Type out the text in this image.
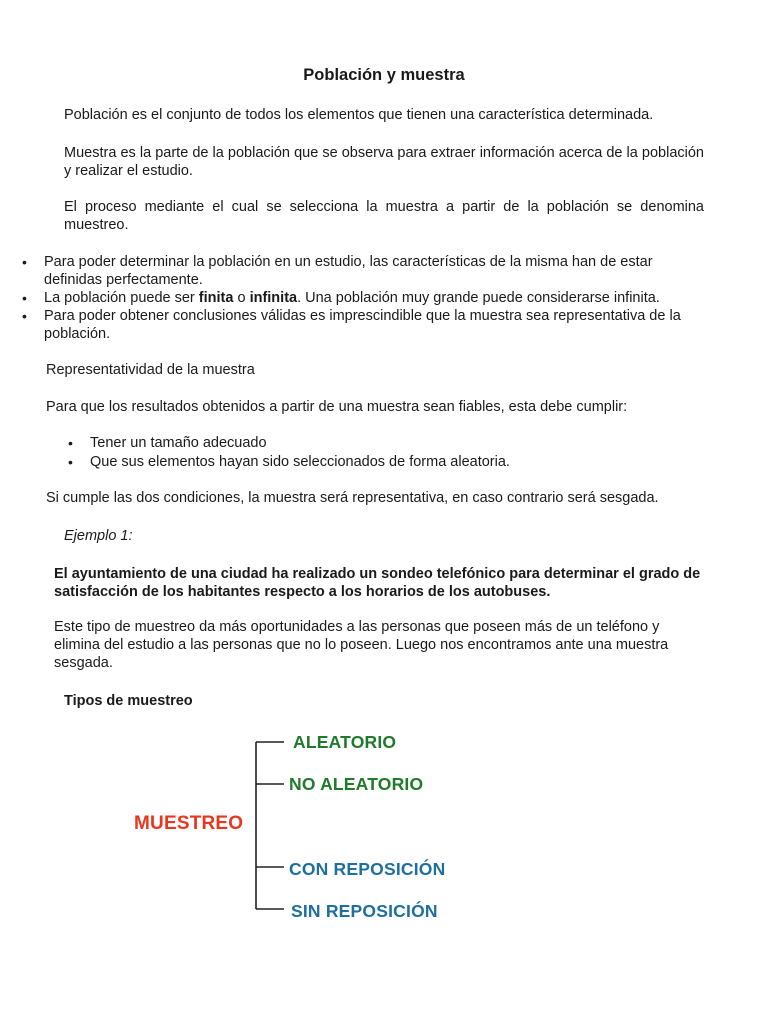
Población y muestra

Población es el conjunto de todos los elementos que tienen una característica determinada.

Muestra es la parte de la población que se observa para extraer información acerca de la población y realizar el estudio.

El proceso mediante el cual se selecciona la muestra a partir de la población se denomina muestreo.

•	Para poder determinar la población en un estudio, las características de la misma han de estar definidas perfectamente.
•	La población puede ser finita o infinita. Una población muy grande puede considerarse infinita.
•	Para poder obtener conclusiones válidas es imprescindible que la muestra sea representativa de la población.

Representatividad de la muestra

Para que los resultados obtenidos a partir de una muestra sean fiables, esta debe cumplir:

•	Tener un tamaño adecuado
•	Que sus elementos hayan sido seleccionados de forma aleatoria.

Si cumple las dos condiciones, la muestra será representativa, en caso contrario será sesgada.

Ejemplo 1:

El ayuntamiento de una ciudad ha realizado un sondeo telefónico para determinar el grado de satisfacción de los habitantes respecto a los horarios de los autobuses.

Este tipo de muestreo da más oportunidades a las personas que poseen más de un teléfono y elimina del estudio a las personas que no lo poseen. Luego nos encontramos ante una muestra sesgada.

Tipos de muestreo

MUESTREO
ALEATORIO
NO ALEATORIO
CON REPOSICIÓN
SIN REPOSICIÓN
